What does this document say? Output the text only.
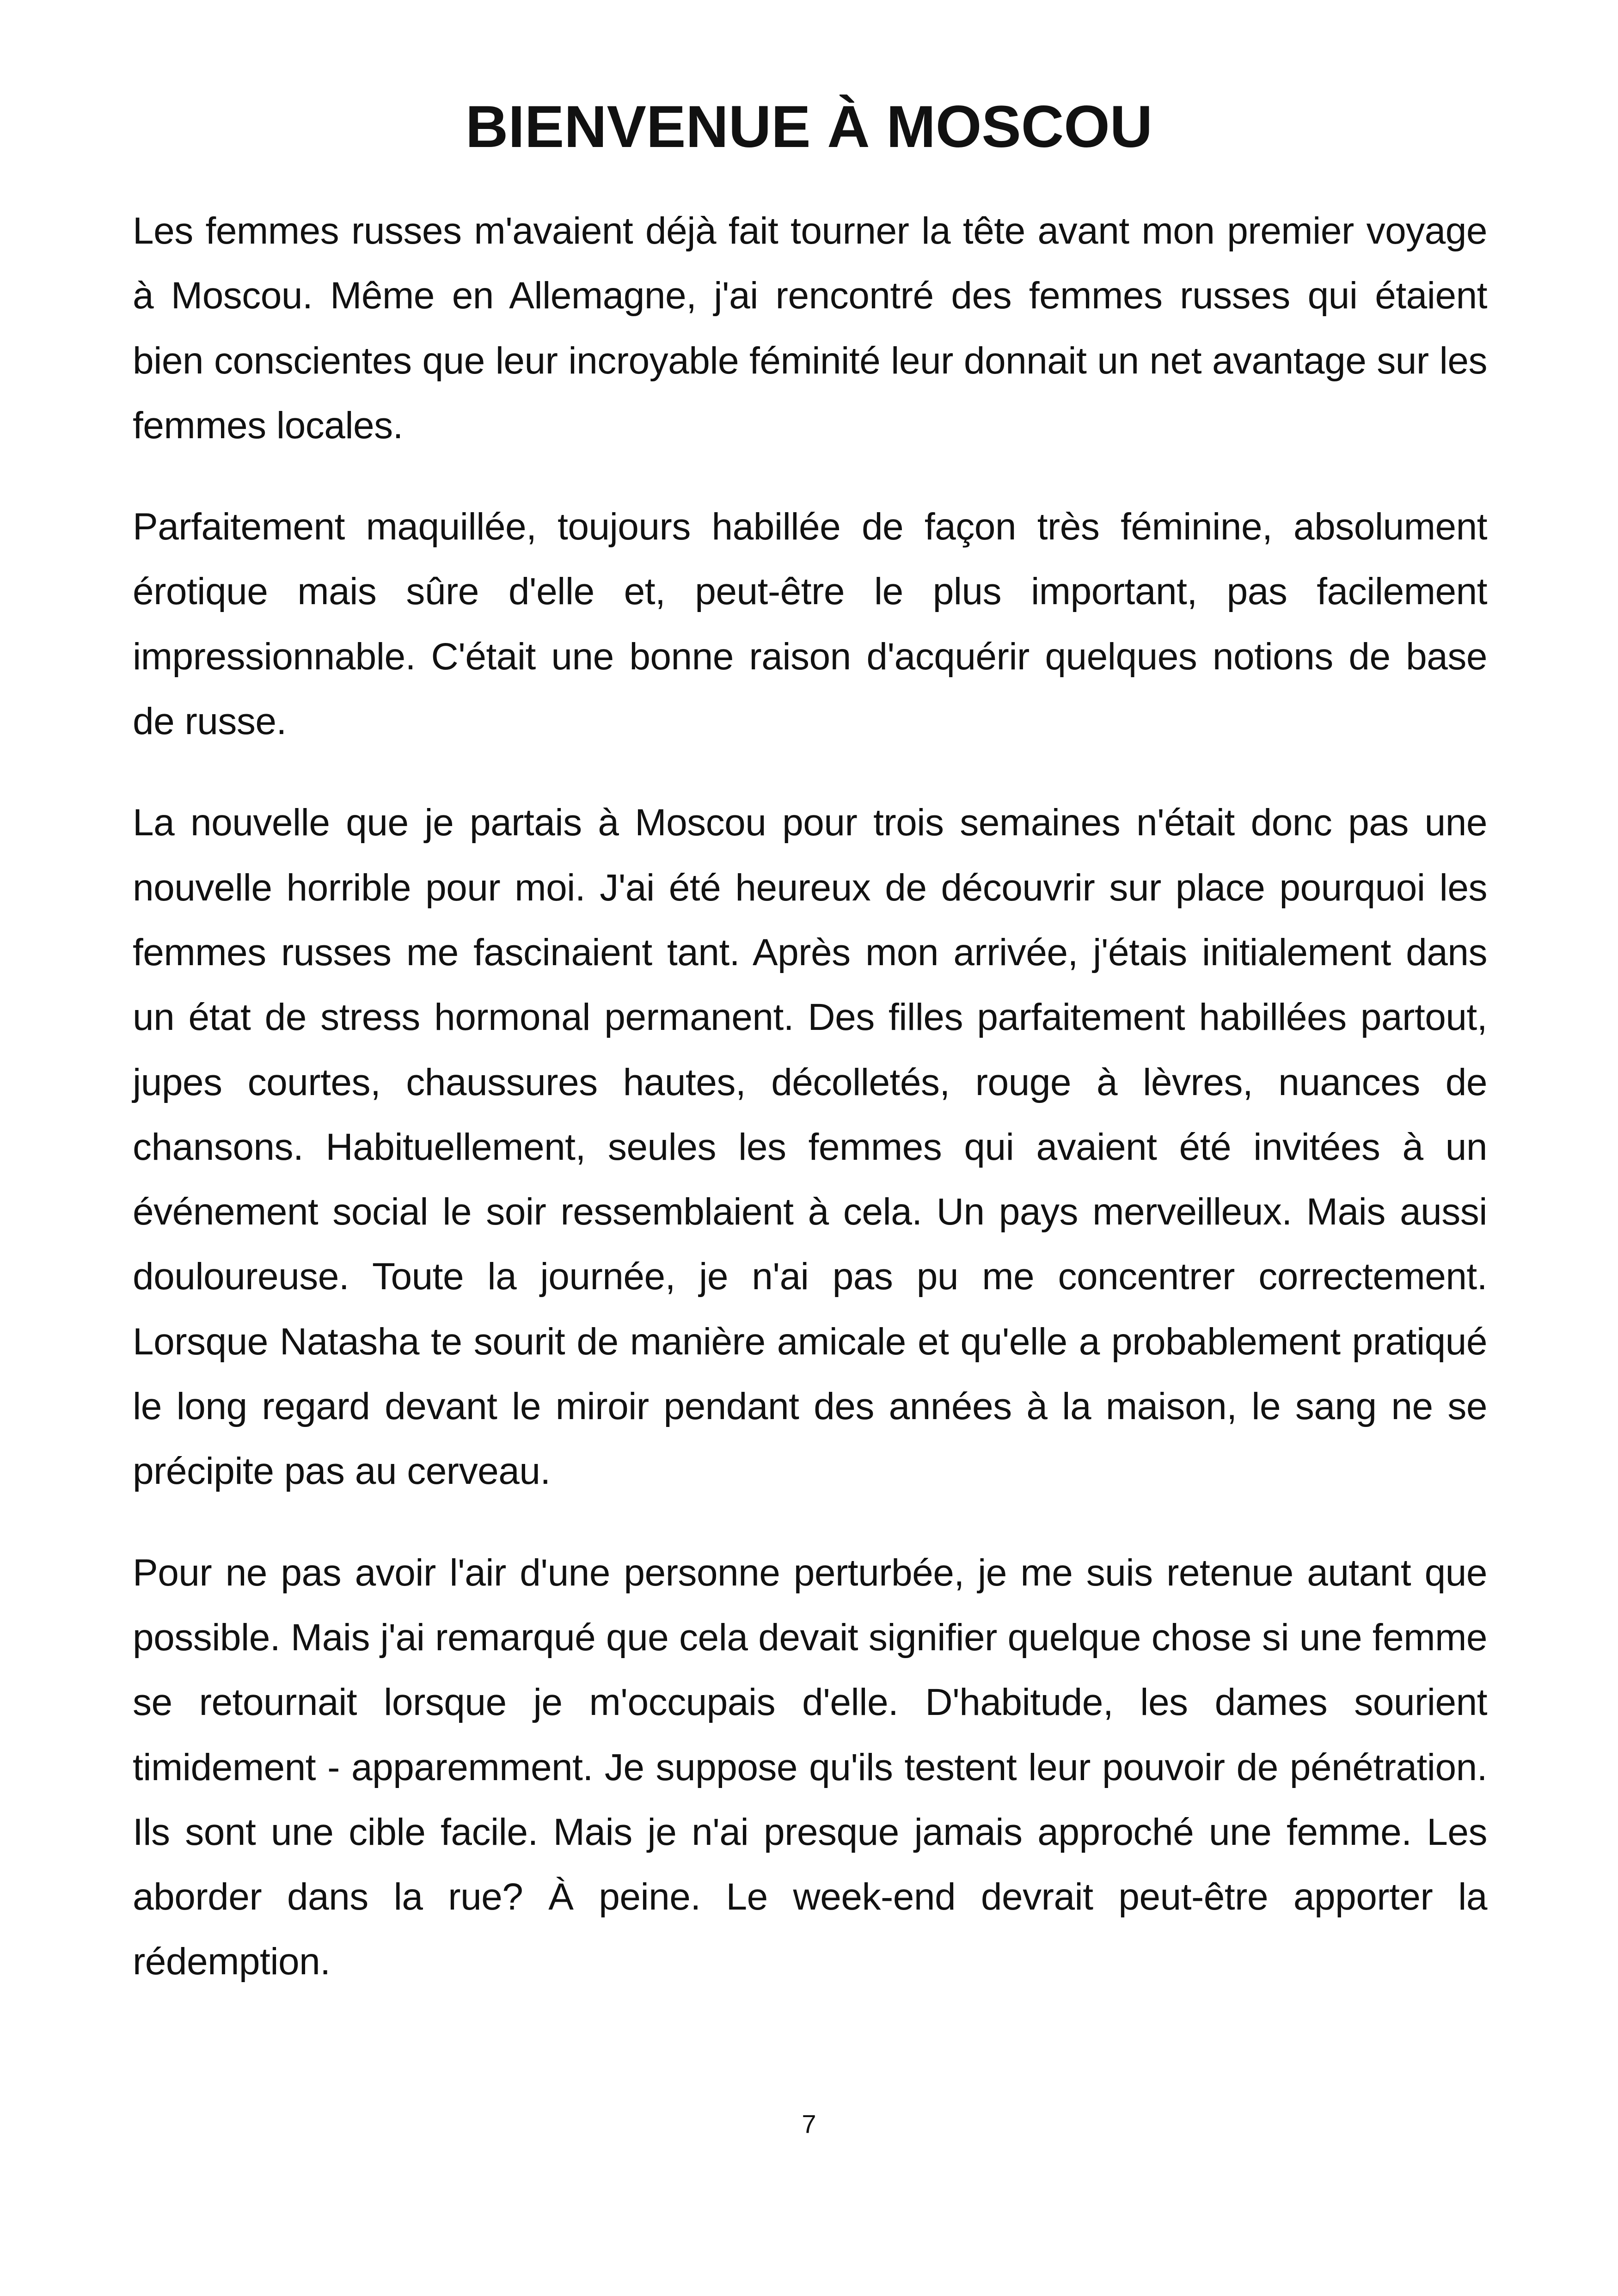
BIENVENUE À MOSCOU

Les femmes russes m'avaient déjà fait tourner la tête avant mon premier voyage à Moscou. Même en Allemagne, j'ai rencontré des femmes russes qui étaient bien conscientes que leur incroyable féminité leur donnait un net avantage sur les femmes locales.

Parfaitement maquillée, toujours habillée de façon très féminine, absolument érotique mais sûre d'elle et, peut-être le plus important, pas facilement impressionnable. C'était une bonne raison d'acquérir quelques notions de base de russe.

La nouvelle que je partais à Moscou pour trois semaines n'était donc pas une nouvelle horrible pour moi. J'ai été heureux de découvrir sur place pourquoi les femmes russes me fascinaient tant. Après mon arrivée, j'étais initialement dans un état de stress hormonal permanent. Des filles parfaitement habillées partout, jupes courtes, chaussures hautes, décolletés, rouge à lèvres, nuances de chansons. Habituellement, seules les femmes qui avaient été invitées à un événement social le soir ressemblaient à cela. Un pays merveilleux. Mais aussi douloureuse. Toute la journée, je n'ai pas pu me concentrer correctement. Lorsque Natasha te sourit de manière amicale et qu'elle a probablement pratiqué le long regard devant le miroir pendant des années à la maison, le sang ne se précipite pas au cerveau.

Pour ne pas avoir l'air d'une personne perturbée, je me suis retenue autant que possible. Mais j'ai remarqué que cela devait signifier quelque chose si une femme se retournait lorsque je m'occupais d'elle. D'habitude, les dames sourient timidement - apparemment. Je suppose qu'ils testent leur pouvoir de pénétration. Ils sont une cible facile. Mais je n'ai presque jamais approché une femme. Les aborder dans la rue? À peine. Le week-end devrait peut-être apporter la rédemption.

7
